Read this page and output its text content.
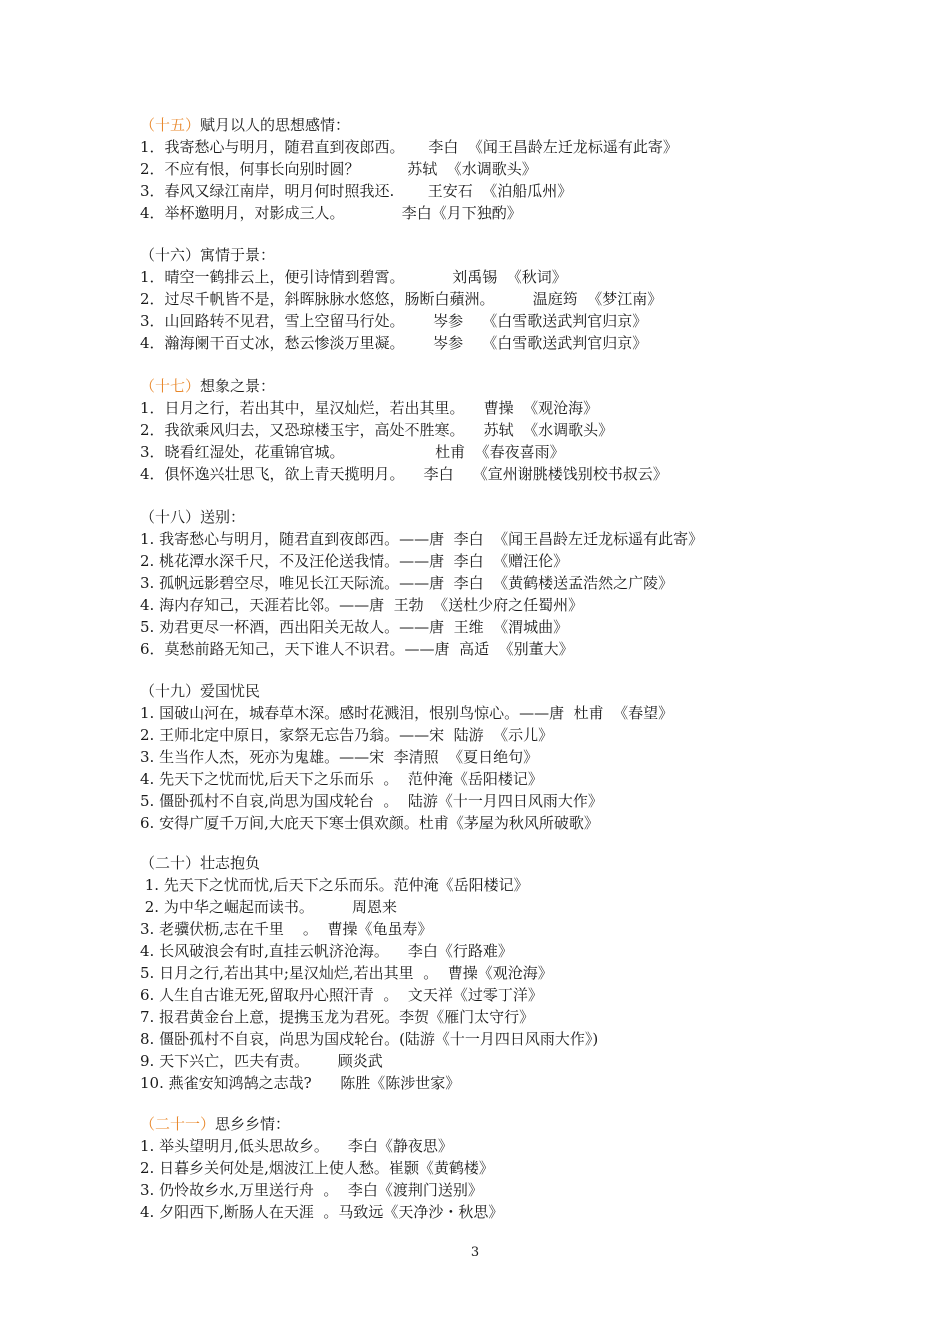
（十五）赋月以人的思想感情：
1．我寄愁心与明月，随君直到夜郎西。     李白  《闻王昌龄左迁龙标遥有此寄》
2．不应有恨，何事长向别时圆？          苏轼  《水调歌头》
3．春风又绿江南岸，明月何时照我还.       王安石  《泊船瓜州》
4．举杯邀明月，对影成三人。            李白《月下独酌》
（十六）寓情于景：
1．晴空一鹤排云上，便引诗情到碧霄。          刘禹锡  《秋词》
2．过尽千帆皆不是，斜晖脉脉水悠悠，肠断白蘋洲。        温庭筠  《梦江南》
3．山回路转不见君，雪上空留马行处。      岑参    《白雪歌送武判官归京》
4．瀚海阑干百丈冰，愁云惨淡万里凝。      岑参    《白雪歌送武判官归京》
（十七）想象之景：
1．日月之行，若出其中，星汉灿烂，若出其里。    曹操  《观沧海》
2．我欲乘风归去，又恐琼楼玉宇，高处不胜寒。    苏轼  《水调歌头》
3．晓看红湿处，花重锦官城。                   杜甫  《春夜喜雨》
4．俱怀逸兴壮思飞，欲上青天揽明月。    李白    《宣州谢朓楼饯别校书叔云》
（十八）送别：
1. 我寄愁心与明月，随君直到夜郎西。——唐  李白  《闻王昌龄左迁龙标遥有此寄》
2. 桃花潭水深千尺，不及汪伦送我情。——唐  李白  《赠汪伦》
3. 孤帆远影碧空尽，唯见长江天际流。——唐  李白  《黄鹤楼送孟浩然之广陵》
4. 海内存知己，天涯若比邻。——唐  王勃  《送杜少府之任蜀州》
5. 劝君更尽一杯酒，西出阳关无故人。——唐  王维  《渭城曲》
6．莫愁前路无知己，天下谁人不识君。——唐  高适  《别董大》
（十九）爱国忧民
1. 国破山河在，城春草木深。感时花溅泪，恨别鸟惊心。——唐  杜甫  《春望》
2. 王师北定中原日，家祭无忘告乃翁。——宋  陆游  《示儿》
3. 生当作人杰，死亦为鬼雄。——宋  李清照  《夏日绝句》
4. 先天下之忧而忧,后天下之乐而乐  。  范仲淹《岳阳楼记》
5. 僵卧孤村不自哀,尚思为国戍轮台  。  陆游《十一月四日风雨大作》
6. 安得广厦千万间,大庇天下寒士俱欢颜。杜甫《茅屋为秋风所破歌》
（二十）壮志抱负
1. 先天下之忧而忧,后天下之乐而乐。范仲淹《岳阳楼记》
2. 为中华之崛起而读书。        周恩来
3. 老骥伏枥,志在千里    。  曹操《龟虽寿》
4. 长风破浪会有时,直挂云帆济沧海。    李白《行路难》
5. 日月之行,若出其中;星汉灿烂,若出其里  。  曹操《观沧海》
6. 人生自古谁无死,留取丹心照汗青  。  文天祥《过零丁洋》
7. 报君黄金台上意，提携玉龙为君死。李贺《雁门太守行》
8. 僵卧孤村不自哀，尚思为国戍轮台。(陆游《十一月四日风雨大作》)
9. 天下兴亡，匹夫有责。      顾炎武
10. 燕雀安知鸿鹄之志哉?      陈胜《陈涉世家》
（二十一）思乡乡情：
1. 举头望明月,低头思故乡。    李白《静夜思》
2. 日暮乡关何处是,烟波江上使人愁。崔颢《黄鹤楼》
3. 仍怜故乡水,万里送行舟  。  李白《渡荆门送别》
4. 夕阳西下,断肠人在天涯  。马致远《天净沙・秋思》
3
